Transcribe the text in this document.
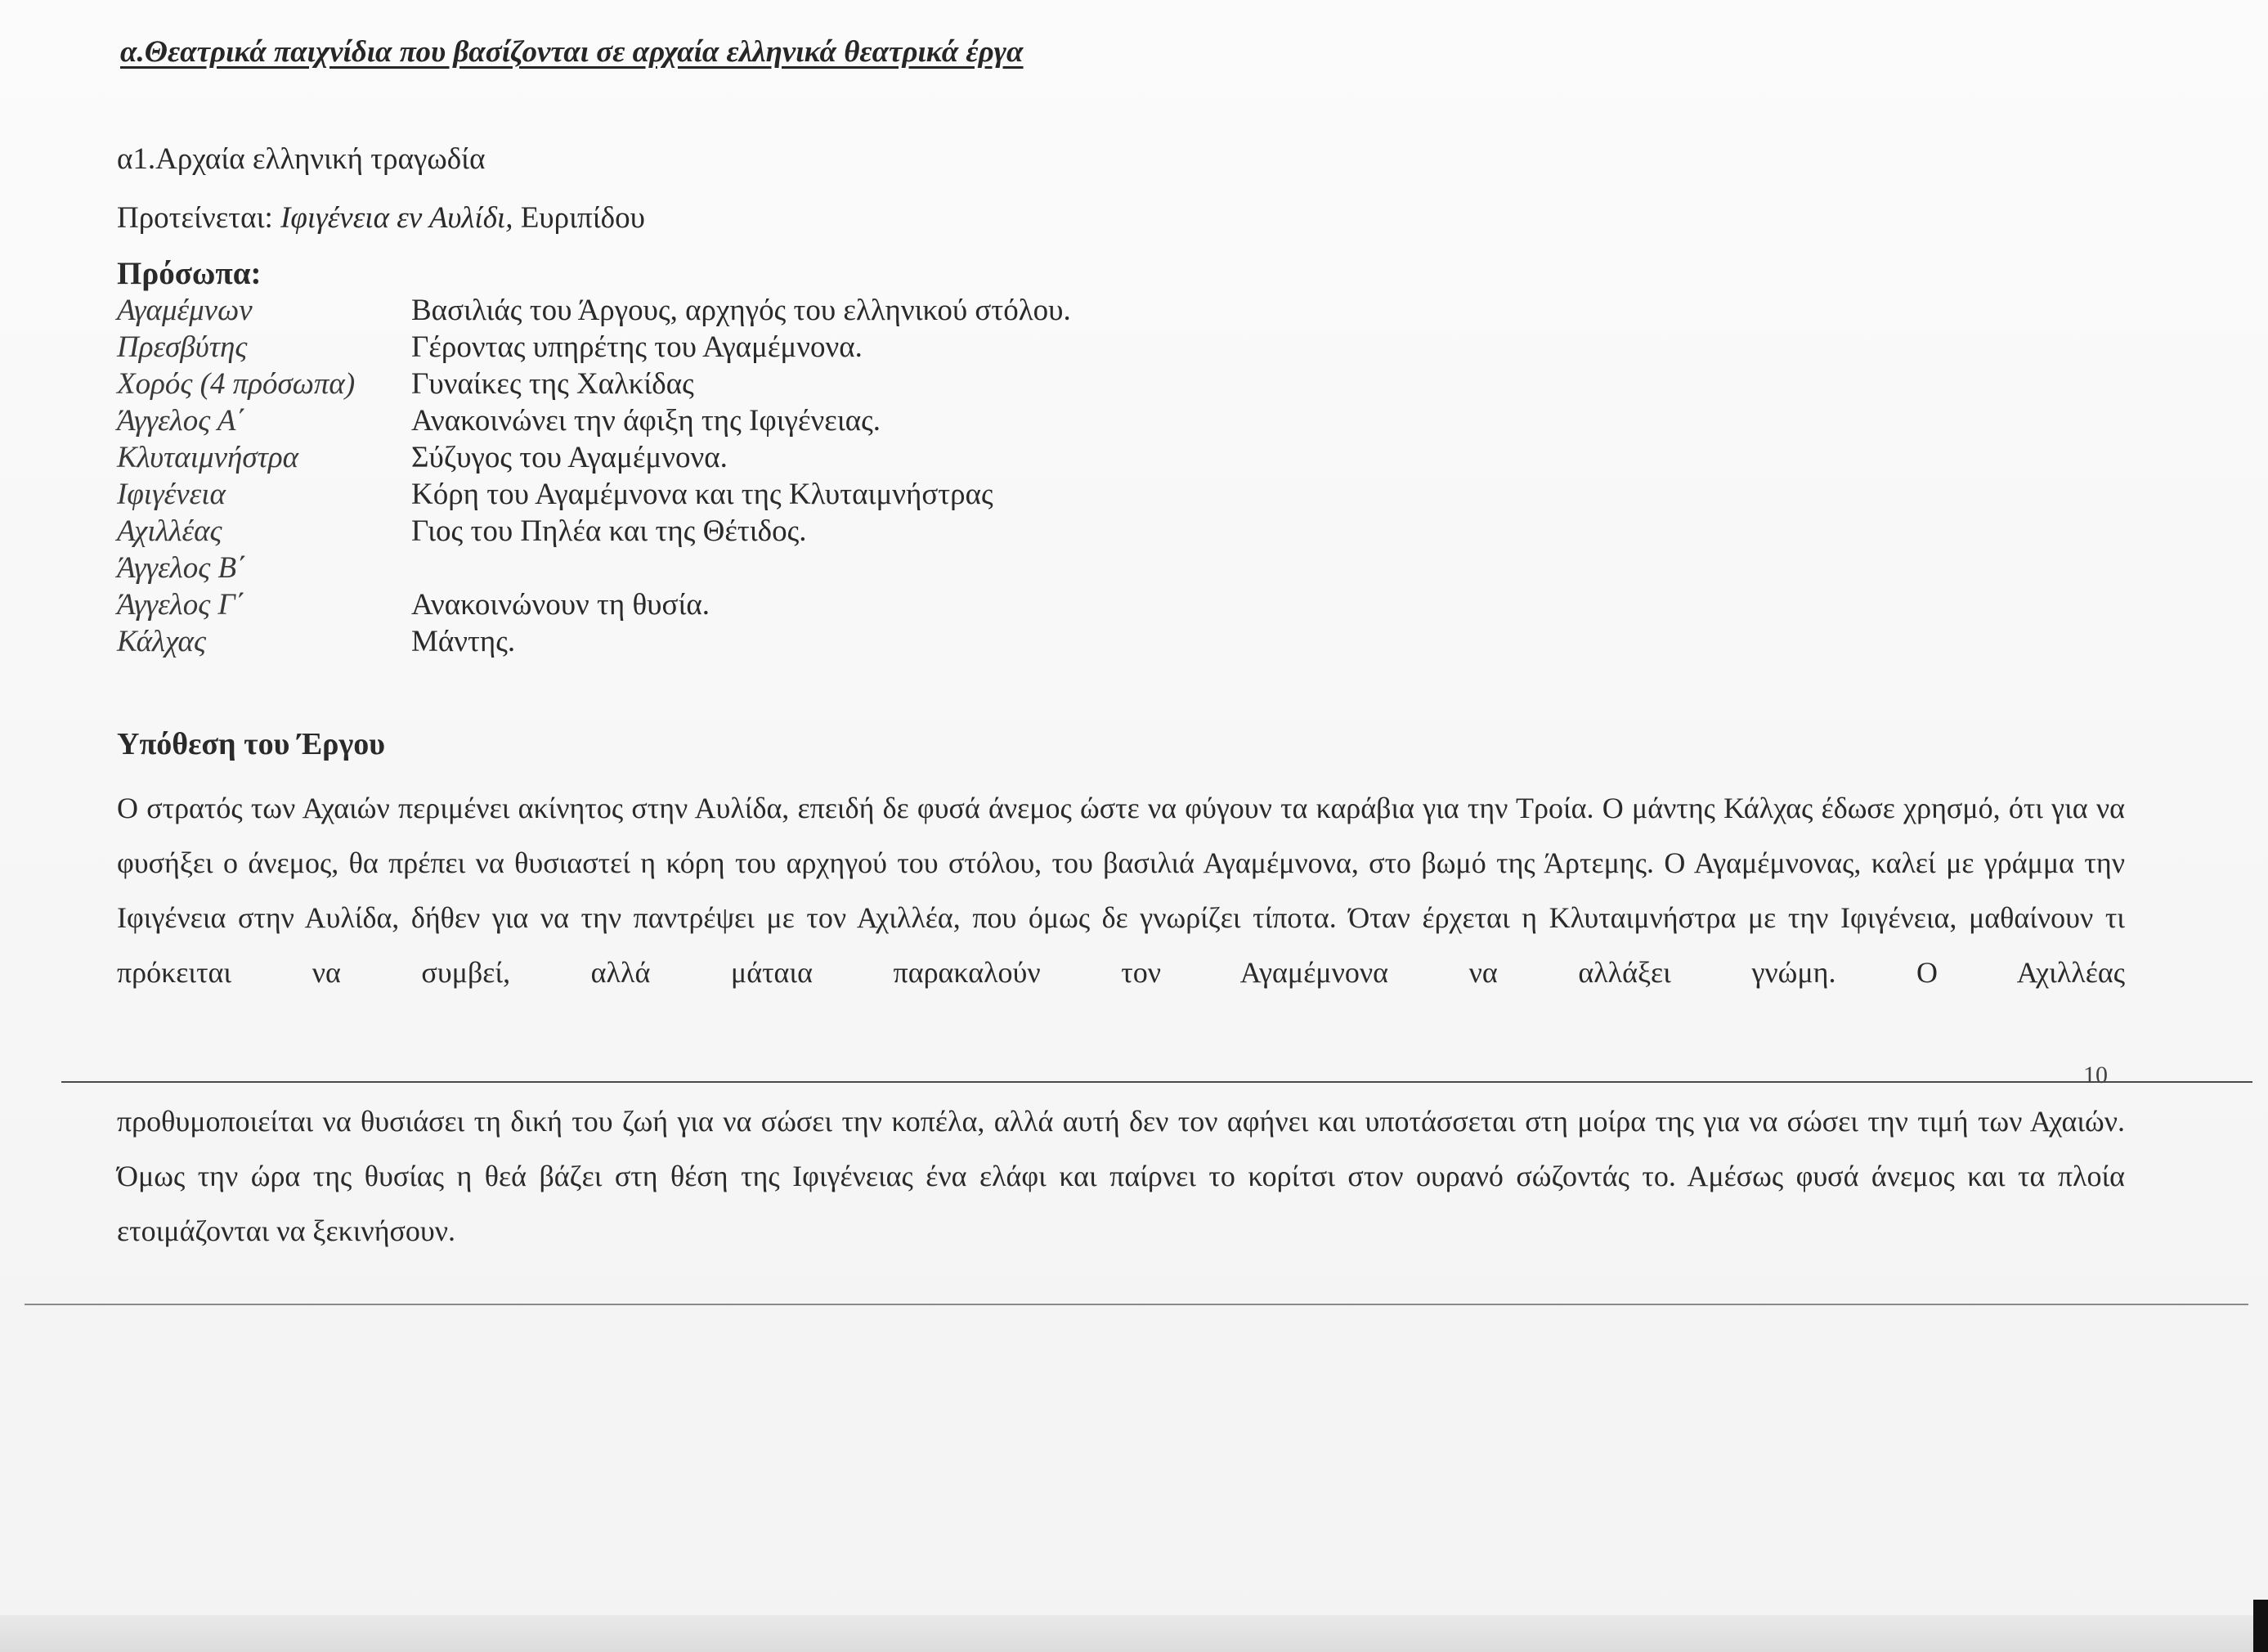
α.Θεατρικά παιχνίδια που βασίζονται σε αρχαία ελληνικά θεατρικά έργα
α1.Αρχαία ελληνική τραγωδία
Προτείνεται: Ιφιγένεια εν Αυλίδι, Ευριπίδου
Πρόσωπα:
Αγαμέμνων	Βασιλιάς του Άργους, αρχηγός του ελληνικού στόλου.
Πρεσβύτης	Γέροντας υπηρέτης του Αγαμέμνονα.
Χορός (4 πρόσωπα) Γυναίκες της Χαλκίδας
Άγγελος Α΄	Ανακοινώνει την άφιξη της Ιφιγένειας.
Κλυταιμνήστρα	Σύζυγος του Αγαμέμνονα.
Ιφιγένεια	Κόρη του Αγαμέμνονα και της Κλυταιμνήστρας
Αχιλλέας	Γιος του Πηλέα και της Θέτιδος.
Άγγελος Β΄
Άγγελος Γ΄	Ανακοινώνουν τη θυσία.
Κάλχας	Μάντης.
Υπόθεση του Έργου

Ο στρατός των Αχαιών περιμένει ακίνητος στην Αυλίδα, επειδή δε φυσά άνεμος ώστε να φύγουν τα καράβια για την Τροία. Ο μάντης Κάλχας έδωσε χρησμό, ότι για να φυσήξει ο άνεμος, θα πρέπει να θυσιαστεί η κόρη του αρχηγού του στόλου, του βασιλιά Αγαμέμνονα, στο βωμό της Άρτεμης. Ο Αγαμέμνονας, καλεί με γράμμα την Ιφιγένεια στην Αυλίδα, δήθεν για να την παντρέψει με τον Αχιλλέα, που όμως δε γνωρίζει τίποτα. Όταν έρχεται η Κλυταιμνήστρα με την Ιφιγένεια, μαθαίνουν τι πρόκειται να συμβεί, αλλά μάταια παρακαλούν τον Αγαμέμνονα να αλλάξει γνώμη. Ο Αχιλλέας

10

προθυμοποιείται να θυσιάσει τη δική του ζωή για να σώσει την κοπέλα, αλλά αυτή δεν τον αφήνει και υποτάσσεται στη μοίρα της για να σώσει την τιμή των Αχαιών. Όμως την ώρα της θυσίας η θεά βάζει στη θέση της Ιφιγένειας ένα ελάφι και παίρνει το κορίτσι στον ουρανό σώζοντάς το. Αμέσως φυσά άνεμος και τα πλοία ετοιμάζονται να ξεκινήσουν.
